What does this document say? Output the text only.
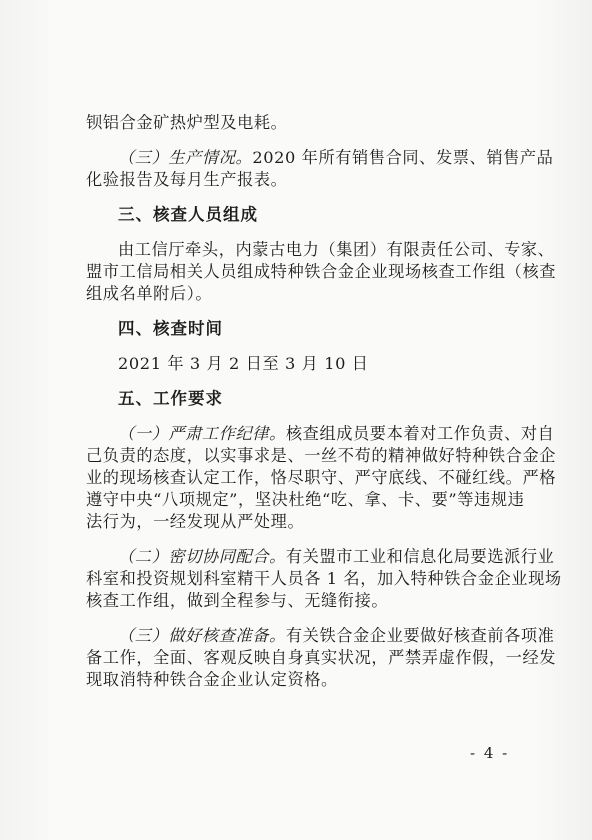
钡铝合金矿热炉型及电耗。
（三）生产情况。2020 年所有销售合同、发票、销售产品
化验报告及每月生产报表。
三、核查人员组成
由工信厅牵头，内蒙古电力（集团）有限责任公司、专家、
盟市工信局相关人员组成特种铁合金企业现场核查工作组（核查
组成名单附后）。
四、核查时间
2021 年 3 月 2 日至 3 月 10 日
五、工作要求
（一）严肃工作纪律。核查组成员要本着对工作负责、对自
己负责的态度，以实事求是、一丝不苟的精神做好特种铁合金企
业的现场核查认定工作，恪尽职守、严守底线、不碰红线。严格
遵守中央“八项规定”，坚决杜绝“吃、拿、卡、要”等违规违
法行为，一经发现从严处理。
（二）密切协同配合。有关盟市工业和信息化局要选派行业
科室和投资规划科室精干人员各 1 名，加入特种铁合金企业现场
核查工作组，做到全程参与、无缝衔接。
（三）做好核查准备。有关铁合金企业要做好核查前各项准
备工作，全面、客观反映自身真实状况，严禁弄虚作假，一经发
现取消特种铁合金企业认定资格。
- 4 -
